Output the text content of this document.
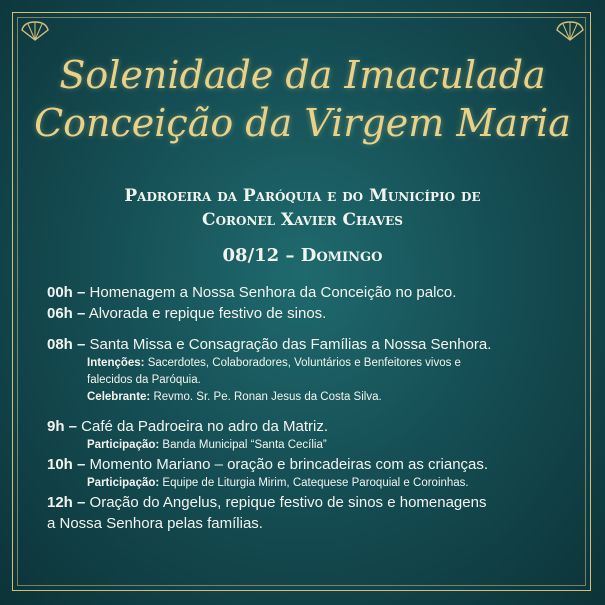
Solenidade da Imaculada
Conceição da Virgem Maria
Padroeira da Paróquia e do Município de
Coronel Xavier Chaves
08/12 – Domingo
00h – Homenagem a Nossa Senhora da Conceição no palco.
06h – Alvorada e repique festivo de sinos.
08h – Santa Missa e Consagração das Famílias a Nossa Senhora.
Intenções: Sacerdotes, Colaboradores, Voluntários e Benfeitores vivos e
falecidos da Paróquia.
Celebrante: Revmo. Sr. Pe. Ronan Jesus da Costa Silva.
9h – Café da Padroeira no adro da Matriz.
Participação: Banda Municipal “Santa Cecília”
10h – Momento Mariano – oração e brincadeiras com as crianças.
Participação: Equipe de Liturgia Mirim, Catequese Paroquial e Coroinhas.
12h – Oração do Angelus, repique festivo de sinos e homenagens
a Nossa Senhora pelas famílias.
